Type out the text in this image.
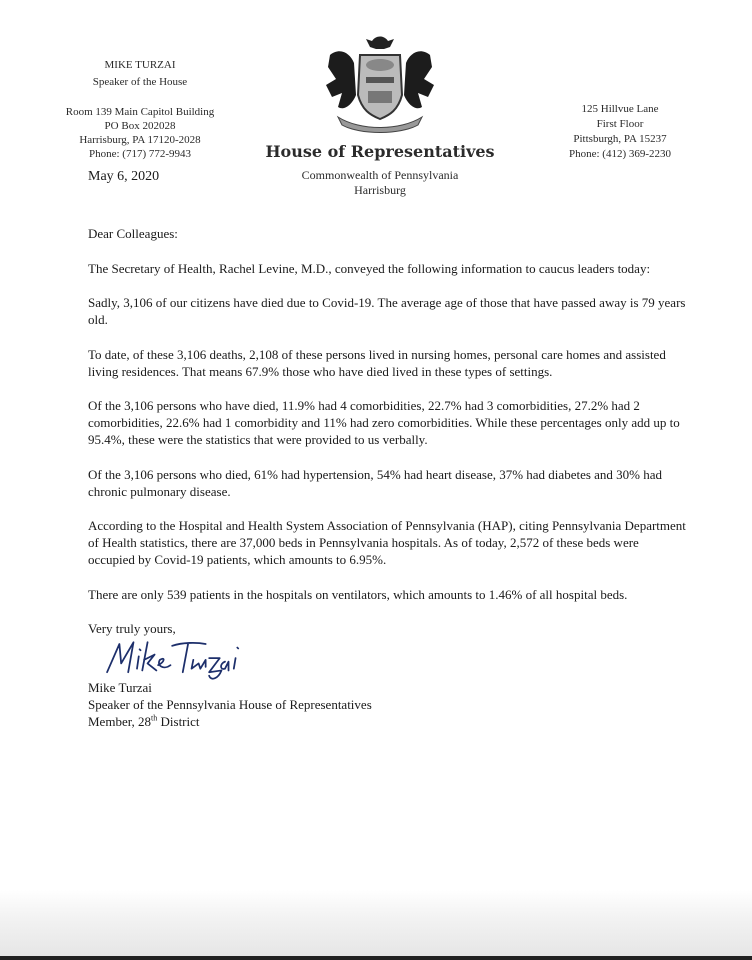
MIKE TURZAI
Speaker of the House
Room 139 Main Capitol Building
PO Box 202028
Harrisburg, PA 17120-2028
Phone: (717) 772-9943
May 6, 2020
House of Representatives
Commonwealth of Pennsylvania
Harrisburg
125 Hillvue Lane
First Floor
Pittsburgh, PA 15237
Phone: (412) 369-2230

Dear Colleagues:

The Secretary of Health, Rachel Levine, M.D., conveyed the following information to caucus leaders today:

Sadly, 3,106 of our citizens have died due to Covid-19. The average age of those that have passed away is 79 years old.

To date, of these 3,106 deaths, 2,108 of these persons lived in nursing homes, personal care homes and assisted living residences. That means 67.9% those who have died lived in these types of settings.

Of the 3,106 persons who have died, 11.9% had 4 comorbidities, 22.7% had 3 comorbidities, 27.2% had 2 comorbidities, 22.6% had 1 comorbidity and 11% had zero comorbidities. While these percentages only add up to 95.4%, these were the statistics that were provided to us verbally.

Of the 3,106 persons who died, 61% had hypertension, 54% had heart disease, 37% had diabetes and 30% had chronic pulmonary disease.

According to the Hospital and Health System Association of Pennsylvania (HAP), citing Pennsylvania Department of Health statistics, there are 37,000 beds in Pennsylvania hospitals. As of today, 2,572 of these beds were occupied by Covid-19 patients, which amounts to 6.95%.

There are only 539 patients in the hospitals on ventilators, which amounts to 1.46% of all hospital beds.

Very truly yours,

Mike Turzai
Speaker of the Pennsylvania House of Representatives
Member, 28th District
